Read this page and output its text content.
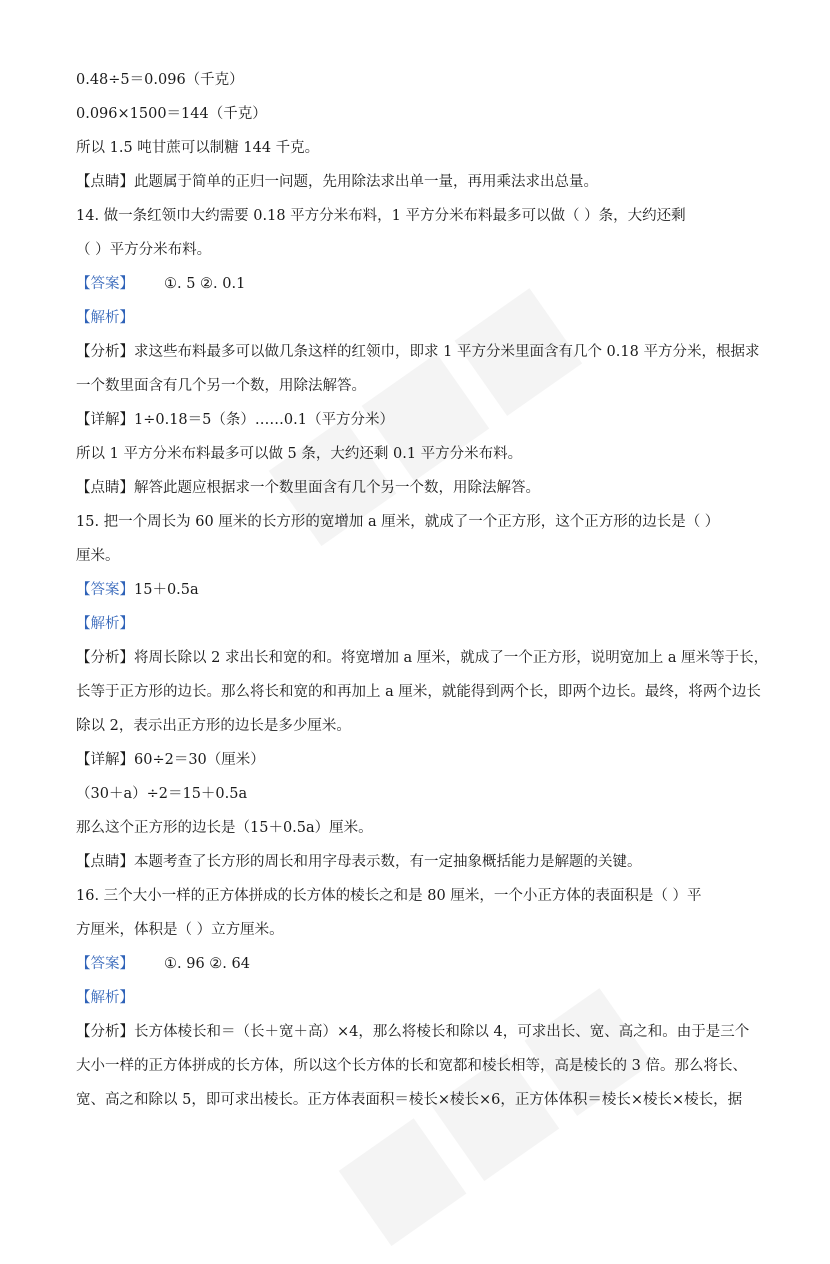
0.48÷5＝0.096（千克）
0.096×1500＝144（千克）
所以 1.5 吨甘蔗可以制糖 144 千克。
【点睛】此题属于简单的正归一问题，先用除法求出单一量，再用乘法求出总量。
14. 做一条红领巾大约需要 0.18 平方分米布料，1 平方分米布料最多可以做（ ）条，大约还剩
（ ）平方分米布料。
【答案】 ①. 5 ②. 0.1
【解析】
【分析】求这些布料最多可以做几条这样的红领巾，即求 1 平方分米里面含有几个 0.18 平方分米，根据求
一个数里面含有几个另一个数，用除法解答。
【详解】1÷0.18＝5（条）……0.1（平方分米）
所以 1 平方分米布料最多可以做 5 条，大约还剩 0.1 平方分米布料。
【点睛】解答此题应根据求一个数里面含有几个另一个数，用除法解答。
15. 把一个周长为 60 厘米的长方形的宽增加 a 厘米，就成了一个正方形，这个正方形的边长是（ ）
厘米。
【答案】15＋0.5a
【解析】
【分析】将周长除以 2 求出长和宽的和。将宽增加 a 厘米，就成了一个正方形，说明宽加上 a 厘米等于长，
长等于正方形的边长。那么将长和宽的和再加上 a 厘米，就能得到两个长，即两个边长。最终，将两个边长
除以 2，表示出正方形的边长是多少厘米。
【详解】60÷2＝30（厘米）
（30＋a）÷2＝15＋0.5a
那么这个正方形的边长是（15＋0.5a）厘米。
【点睛】本题考查了长方形的周长和用字母表示数，有一定抽象概括能力是解题的关键。
16. 三个大小一样的正方体拼成的长方体的棱长之和是 80 厘米，一个小正方体的表面积是（ ）平
方厘米，体积是（ ）立方厘米。
【答案】 ①. 96 ②. 64
【解析】
【分析】长方体棱长和＝（长＋宽＋高）×4，那么将棱长和除以 4，可求出长、宽、高之和。由于是三个
大小一样的正方体拼成的长方体，所以这个长方体的长和宽都和棱长相等，高是棱长的 3 倍。那么将长、
宽、高之和除以 5，即可求出棱长。正方体表面积＝棱长×棱长×6，正方体体积＝棱长×棱长×棱长，据
